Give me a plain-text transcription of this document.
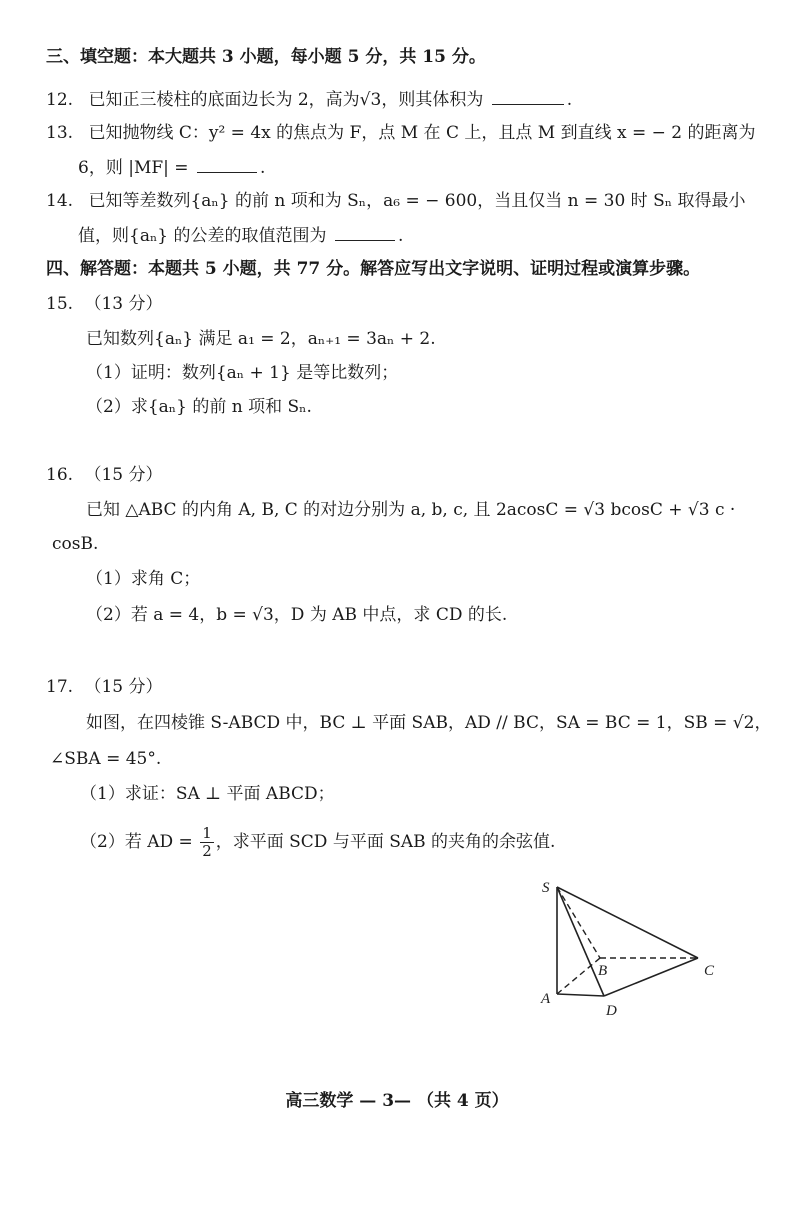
三、填空题：本大题共 3 小题，每小题 5 分，共 15 分。
12. 已知正三棱柱的底面边长为 2，高为√3，则其体积为	.
13. 已知抛物线 C：y² = 4x 的焦点为 F，点 M 在 C 上，且点 M 到直线 x = − 2 的距离为
6，则 |MF| =	.
14. 已知等差数列{aₙ} 的前 n 项和为 Sₙ，a₆ = − 600，当且仅当 n = 30 时 Sₙ 取得最小
值，则{aₙ} 的公差的取值范围为	.
四、解答题：本题共 5 小题，共 77 分。解答应写出文字说明、证明过程或演算步骤。
15. （13 分）
已知数列{aₙ} 满足 a₁ = 2，aₙ₊₁ = 3aₙ + 2.
（1）证明：数列{aₙ + 1} 是等比数列；
（2）求{aₙ} 的前 n 项和 Sₙ.
16. （15 分）
已知 △ABC 的内角 A, B, C 的对边分别为 a, b, c, 且 2acosC = √3 bcosC + √3 c ·
cosB.
（1）求角 C；
（2）若 a = 4，b = √3，D 为 AB 中点，求 CD 的长.
17. （15 分）
如图，在四棱锥 S-ABCD 中，BC ⊥ 平面 SAB，AD // BC，SA = BC = 1，SB = √2，
∠SBA = 45°.
（1）求证：SA ⊥ 平面 ABCD；
（2）若 AD = $\frac{1}{2}$ ，求平面 SCD 与平面 SAB 的夹角的余弦值.
S
A
B	C
D
高三数学 — 3— （共 4 页）
